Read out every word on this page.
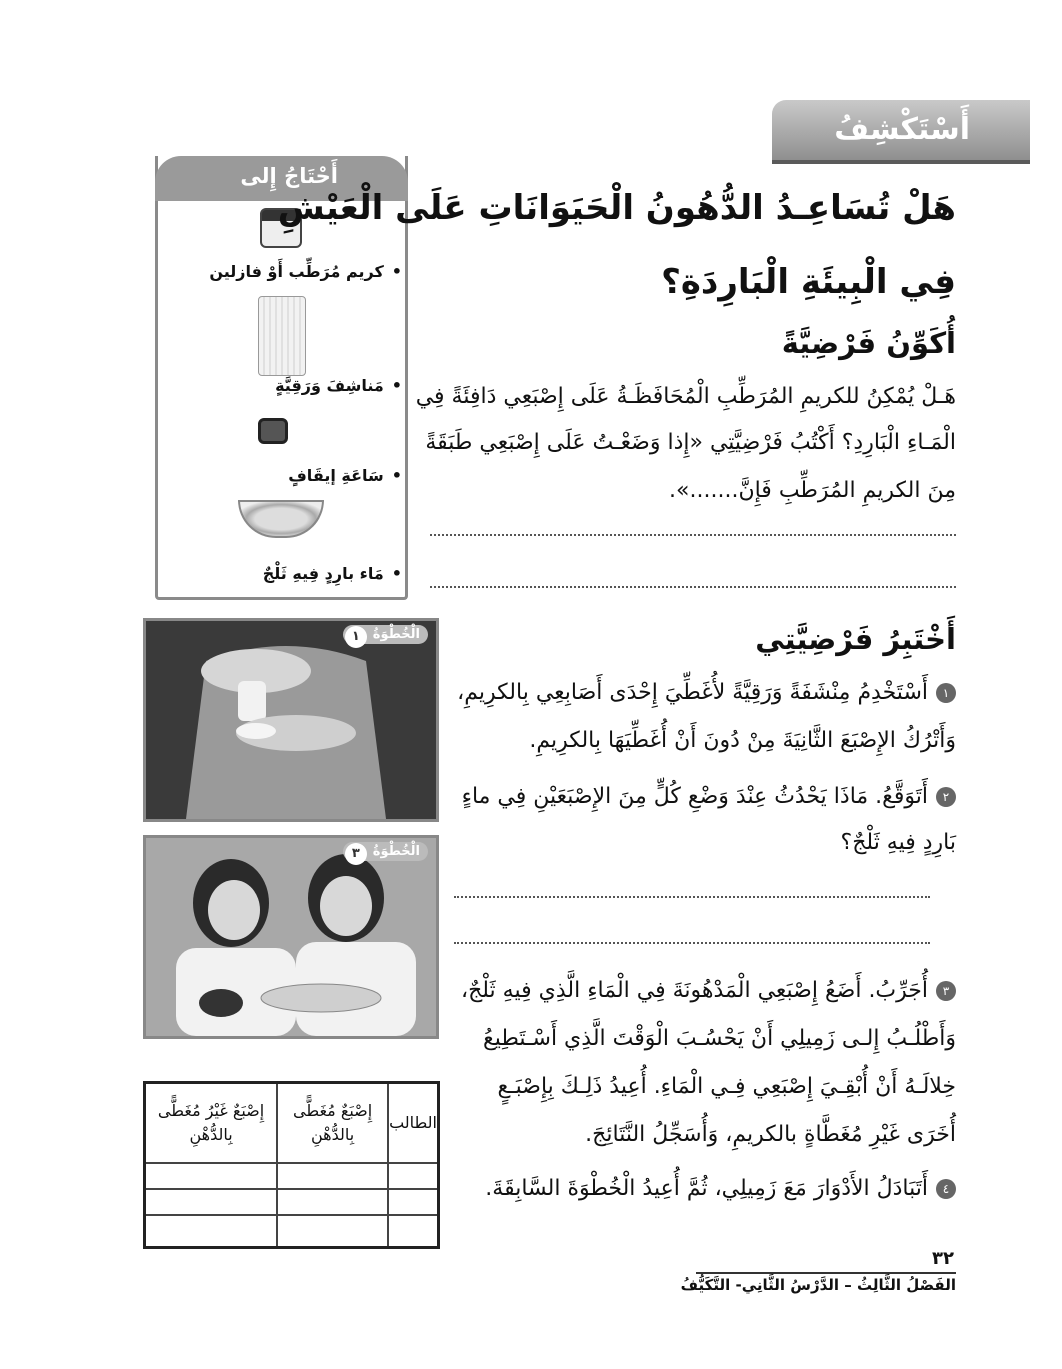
أَسْتَكْشِفُ
أَحْتَاجُ إِلى
•كريم مُرَطِّب أَوْ فازلين
•مَناشِفَ وَرَقِيَّةٍ
•سَاعَةِ إيقَافٍ
•مَاء بارِدٍ فِيهِ ثَلْجٌ
هَلْ تُسَاعِـدُ الدُّهُونُ الْحَيَوَانَاتِ عَلَى الْعَيْشِ
فِي الْبِيئَةِ الْبَارِدَةِ؟
أُكَوِّنُ فَرْضِيَّةً
هَـلْ يُمْكِنُ للكريمِ المُرَطِّبِ الْمُحَافَظَـةُ عَلَى إِصْبَعِي دَافِئَةً فِي
الْمَـاءِ الْبَارِدِ؟ أَكْتُبُ فَرْضِيَّتِي «إِذا وَضَعْـتُ عَلَى إِصْبَعِي طَبَقَةً
مِنَ الكريمِ المُرَطِّبِ فَإِنَّ.......».
أَخْتَبِرُ فَرْضِيَّتِي
١أَسْتَخْدِمُ مِنْشَفَةً وَرَقِيَّةً لأُغَطِّيَ إِحْدَى أَصَابِعِي بِالكرِيمِ،
وَأَتْرُكُ الإِصْبَعَ الثَّانِيَةَ مِنْ دُونَ أَنْ أُغَطِّيَهَا بِالكرِيمِ.
٢أَتَوَقَّعُ. مَاذَا يَحْدُثُ عِنْدَ وَضْعِ كُلٍّ مِنَ الإِصْبَعَيْنِ فِي ماءٍ
بَارِدٍ فِيهِ ثَلْجٌ؟
٣أُجَرِّبُ. أَضَعُ إِصْبَعِي الْمَدْهُونَةَ فِي الْمَاءِ الَّذِي فِيهِ ثَلْجٌ،
وَأَطْلُـبُ إِلـى زَمِيلِي أَنْ يَحْسُـبَ الْوَقْتَ الَّذِي أَسْـتَطِيعُ
خِلالَـهُ أَنْ أُبْقِـيَ إِصْبَعِي فِـي الْمَاءِ. أُعِيدُ ذَلِـكَ بِإِصْبَـعٍ
أُخَرَى غَيْرِ مُغَطَّاةٍ بالكريمِ، وَأُسَجِّلُ النَّتَائِجَ.
٤أَتَبَادَلُ الأَدْوَارَ مَعَ زَمِيلِي، ثُمَّ أُعِيدُ الْخُطْوَةَ السَّابِقَةَ.
١	الْخُطْوَةُ
٣	الْخُطْوَةُ
الطالب	إِصْبَعٌ مُغَطًّى بِالدُّهْنِ	إِصْبَعٌ غَيْرُ مُغَطًّى بِالدُّهْنِ

٣٢
الفَصْلُ الثَّالِثُ – الدَّرْسُ الثَّانِي- التَّكَيُّفُ
